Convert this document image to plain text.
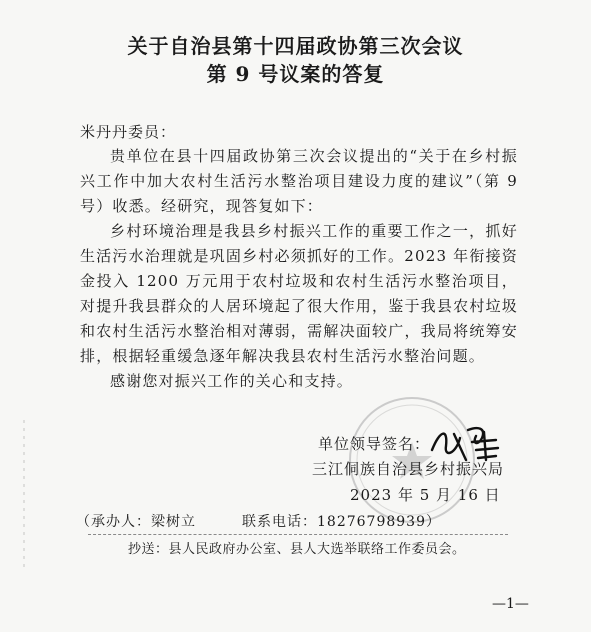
关于自治县第十四届政协第三次会议
第 9 号议案的答复
米丹丹委员：

贵单位在县十四届政协第三次会议提出的“关于在乡村振兴工作中加大农村生活污水整治项目建设力度的建议”（第 9 号）收悉。经研究，现答复如下：

乡村环境治理是我县乡村振兴工作的重要工作之一，抓好生活污水治理就是巩固乡村必须抓好的工作。2023 年衔接资金投入 1200 万元用于农村垃圾和农村生活污水整治项目，对提升我县群众的人居环境起了很大作用，鉴于我县农村垃圾和农村生活污水整治相对薄弱，需解决面较广，我局将统筹安排，根据轻重缓急逐年解决我县农村生活污水整治问题。

感谢您对振兴工作的关心和支持。

单位领导签名：
三江侗族自治县乡村振兴局
2023 年 5 月 16 日
（承办人：梁树立	联系电话：18276798939）
抄送：县人民政府办公室、县人大选举联络工作委员会。
—1—
